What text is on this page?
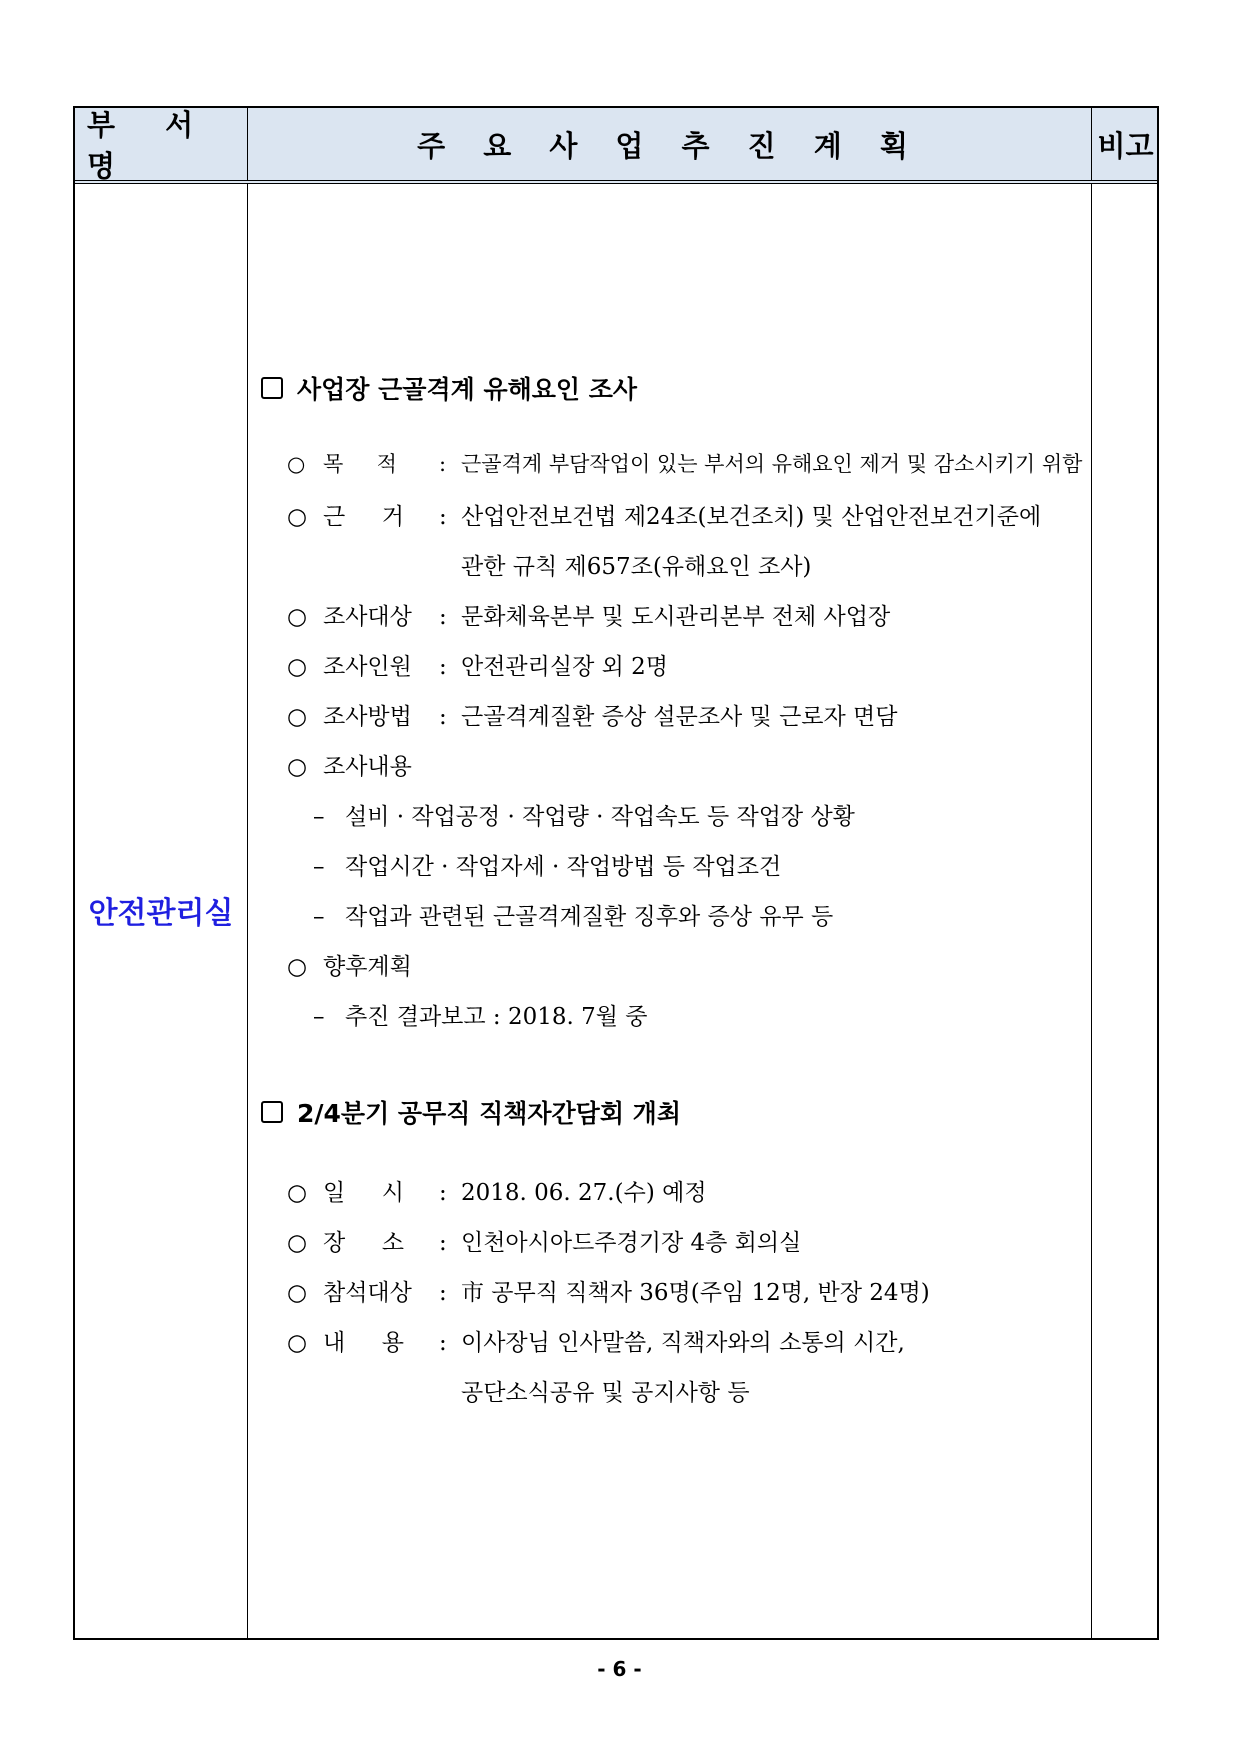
부 서 명
주 요 사 업 추 진 계 획	비고
안전관리실
사업장 근골격계 유해요인 조사
○ 목     적 : 근골격계 부담작업이 있는 부서의 유해요인 제거 및 감소시키기 위함
○ 근     거 : 산업안전보건법 제24조(보건조치) 및 산업안전보건기준에
관한 규칙 제657조(유해요인 조사)
○ 조사대상 : 문화체육본부 및 도시관리본부 전체 사업장
○ 조사인원 : 안전관리실장 외 2명
○ 조사방법 : 근골격계질환 증상 설문조사 및 근로자 면담
○ 조사내용
– 설비 · 작업공정 · 작업량 · 작업속도 등 작업장 상황
– 작업시간 · 작업자세 · 작업방법 등 작업조건
– 작업과 관련된 근골격계질환 징후와 증상 유무 등
○ 향후계획
– 추진 결과보고 : 2018. 7월 중
2/4분기 공무직 직책자간담회 개최
○ 일     시 : 2018. 06. 27.(수) 예정
○ 장     소 : 인천아시아드주경기장 4층 회의실
○ 참석대상 : 市 공무직 직책자 36명(주임 12명, 반장 24명)
○ 내     용 : 이사장님 인사말씀, 직책자와의 소통의 시간,
공단소식공유 및 공지사항 등
- 6 -
